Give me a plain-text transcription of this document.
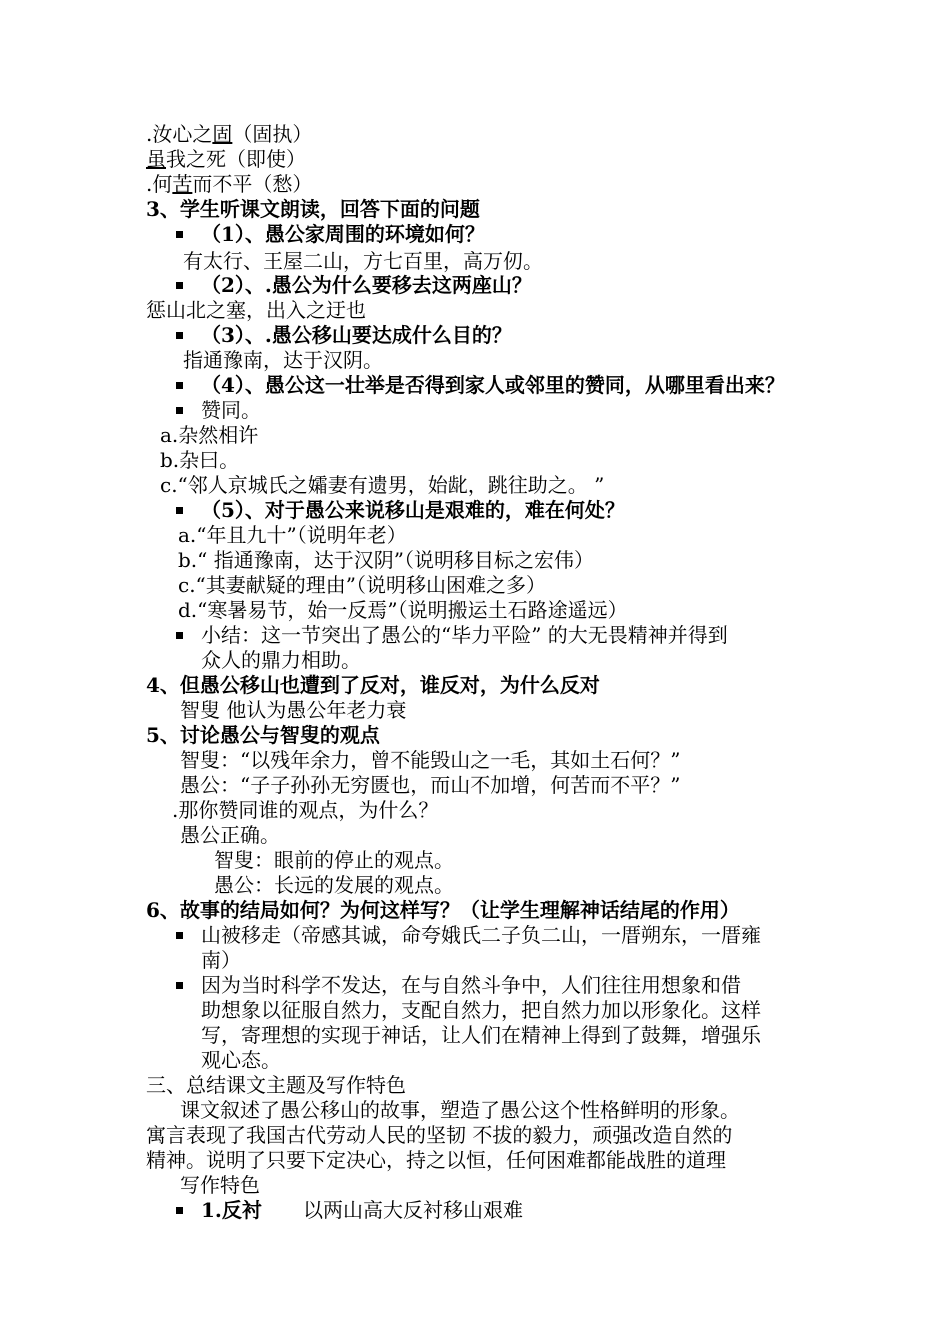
.汝心之固（固执）
虽我之死（即使）
.何苦而不平（愁）
3、学生听课文朗读，回答下面的问题
（1）、愚公家周围的环境如何？
有太行、王屋二山，方七百里，高万仞。
（2）、.愚公为什么要移去这两座山？
惩山北之塞，出入之迂也
（3）、.愚公移山要达成什么目的？
指通豫南，达于汉阴。
（4）、愚公这一壮举是否得到家人或邻里的赞同，从哪里看出来？
赞同。
a.杂然相许
b.杂曰。
c.“邻人京城氏之孀妻有遗男，始龀，跳往助之。 ”
（5）、对于愚公来说移山是艰难的，难在何处？
a.“年且九十”（说明年老）
b.“ 指通豫南，达于汉阴”（说明移目标之宏伟）
c.“其妻献疑的理由”（说明移山困难之多）
d.“寒暑易节，始一反焉”（说明搬运土石路途遥远）
小结：这一节突出了愚公的“毕力平险” 的大无畏精神并得到
众人的鼎力相助。
4、但愚公移山也遭到了反对，谁反对，为什么反对
智叟 他认为愚公年老力衰
5、讨论愚公与智叟的观点
智叟：“以残年余力，曾不能毁山之一毛，其如土石何？”
愚公：“子子孙孙无穷匮也，而山不加增，何苦而不平？”
.那你赞同谁的观点，为什么？
愚公正确。
智叟：眼前的停止的观点。
愚公：长远的发展的观点。
6、故事的结局如何？为何这样写？（让学生理解神话结尾的作用）
山被移走（帝感其诚，命夸娥氏二子负二山，一厝朔东，一厝雍
南）
因为当时科学不发达，在与自然斗争中，人们往往用想象和借
助想象以征服自然力，支配自然力，把自然力加以形象化。这样
写，寄理想的实现于神话，让人们在精神上得到了鼓舞，增强乐
观心态。
三、总结课文主题及写作特色
课文叙述了愚公移山的故事，塑造了愚公这个性格鲜明的形象。
寓言表现了我国古代劳动人民的坚韧 不拔的毅力，顽强改造自然的
精神。说明了只要下定决心，持之以恒，任何困难都能战胜的道理
写作特色
1.反衬 以两山高大反衬移山艰难
